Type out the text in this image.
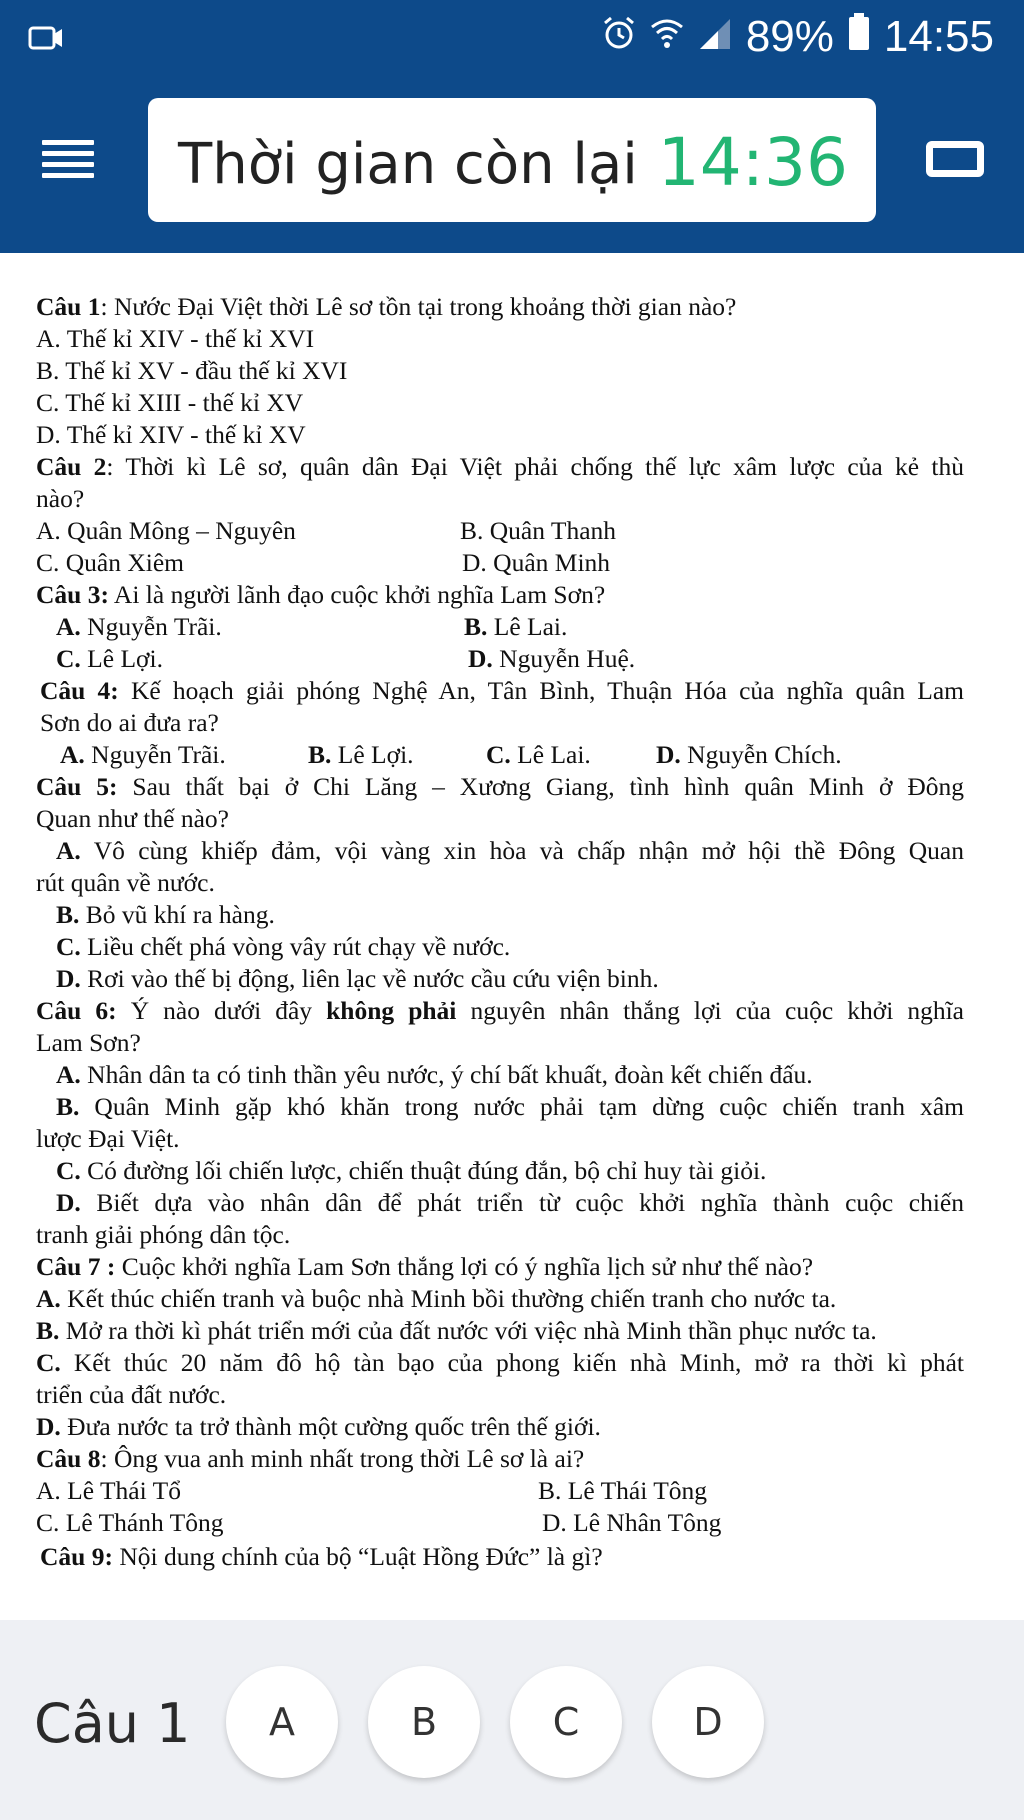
89% 14:55
Thời gian còn lại 14:36
Câu 1: Nước Đại Việt thời Lê sơ tồn tại trong khoảng thời gian nào?
A. Thế kỉ XIV - thế kỉ XVI
B. Thế kỉ XV - đầu thế kỉ XVI
C. Thế kỉ XIII - thế kỉ XV
D. Thế kỉ XIV - thế kỉ XV
Câu 2: Thời kì Lê sơ, quân dân Đại Việt phải chống thế lực xâm lược của kẻ thù
nào?
A. Quân Mông – Nguyên	B. Quân Thanh
C. Quân Xiêm	D. Quân Minh
Câu 3: Ai là người lãnh đạo cuộc khởi nghĩa Lam Sơn?
A. Nguyễn Trãi.	B. Lê Lai.
C. Lê Lợi.	D. Nguyễn Huệ.
Câu 4: Kế hoạch giải phóng Nghệ An, Tân Bình, Thuận Hóa của nghĩa quân Lam
Sơn do ai đưa ra?
A. Nguyễn Trãi.	B. Lê Lợi.	C. Lê Lai.	D. Nguyễn Chích.
Câu 5: Sau thất bại ở Chi Lăng – Xương Giang, tình hình quân Minh ở Đông
Quan như thế nào?
A. Vô cùng khiếp đảm, vội vàng xin hòa và chấp nhận mở hội thề Đông Quan
rút quân về nước.
B. Bỏ vũ khí ra hàng.
C. Liều chết phá vòng vây rút chạy về nước.
D. Rơi vào thế bị động, liên lạc về nước cầu cứu viện binh.
Câu 6: Ý nào dưới đây không phải nguyên nhân thắng lợi của cuộc khởi nghĩa
Lam Sơn?
A. Nhân dân ta có tinh thần yêu nước, ý chí bất khuất, đoàn kết chiến đấu.
B. Quân Minh gặp khó khăn trong nước phải tạm dừng cuộc chiến tranh xâm
lược Đại Việt.
C. Có đường lối chiến lược, chiến thuật đúng đắn, bộ chỉ huy tài giỏi.
D. Biết dựa vào nhân dân để phát triển từ cuộc khởi nghĩa thành cuộc chiến
tranh giải phóng dân tộc.
Câu 7 : Cuộc khởi nghĩa Lam Sơn thắng lợi có ý nghĩa lịch sử như thế nào?
A. Kết thúc chiến tranh và buộc nhà Minh bồi thường chiến tranh cho nước ta.
B. Mở ra thời kì phát triển mới của đất nước với việc nhà Minh thần phục nước ta.
C. Kết thúc 20 năm đô hộ tàn bạo của phong kiến nhà Minh, mở ra thời kì phát
triển của đất nước.
D. Đưa nước ta trở thành một cường quốc trên thế giới.
Câu 8: Ông vua anh minh nhất trong thời Lê sơ là ai?
A. Lê Thái Tổ	B. Lê Thái Tông
C. Lê Thánh Tông	D. Lê Nhân Tông
Câu 9: Nội dung chính của bộ “Luật Hồng Đức” là gì?
Câu 1	A	B	C	D
